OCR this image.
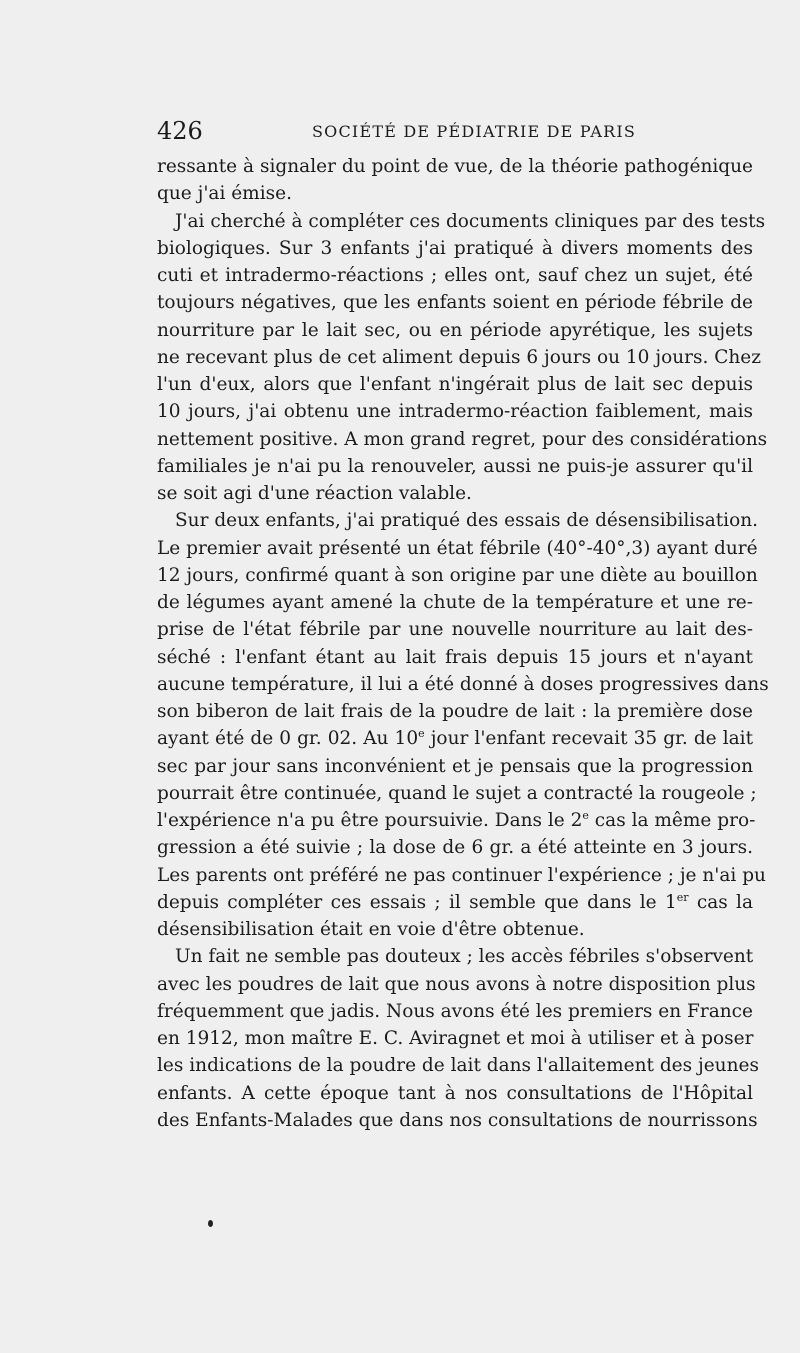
426	SOCIÉTÉ DE PÉDIATRIE DE PARIS
ressante à signaler du point de vue, de la théorie pathogénique
que j'ai émise.
J'ai cherché à compléter ces documents cliniques par des tests
biologiques. Sur 3 enfants j'ai pratiqué à divers moments des
cuti et intradermo-réactions ; elles ont, sauf chez un sujet, été
toujours négatives, que les enfants soient en période fébrile de
nourriture par le lait sec, ou en période apyrétique, les sujets
ne recevant plus de cet aliment depuis 6 jours ou 10 jours. Chez
l'un d'eux, alors que l'enfant n'ingérait plus de lait sec depuis
10 jours, j'ai obtenu une intradermo-réaction faiblement, mais
nettement positive. A mon grand regret, pour des considérations
familiales je n'ai pu la renouveler, aussi ne puis-je assurer qu'il
se soit agi d'une réaction valable.
Sur deux enfants, j'ai pratiqué des essais de désensibilisation.
Le premier avait présenté un état fébrile (40°-40°,3) ayant duré
12 jours, confirmé quant à son origine par une diète au bouillon
de légumes ayant amené la chute de la température et une re-
prise de l'état fébrile par une nouvelle nourriture au lait des-
séché : l'enfant étant au lait frais depuis 15 jours et n'ayant
aucune température, il lui a été donné à doses progressives dans
son biberon de lait frais de la poudre de lait : la première dose
ayant été de 0 gr. 02. Au 10e jour l'enfant recevait 35 gr. de lait
sec par jour sans inconvénient et je pensais que la progression
pourrait être continuée, quand le sujet a contracté la rougeole ;
l'expérience n'a pu être poursuivie. Dans le 2e cas la même pro-
gression a été suivie ; la dose de 6 gr. a été atteinte en 3 jours.
Les parents ont préféré ne pas continuer l'expérience ; je n'ai pu
depuis compléter ces essais ; il semble que dans le 1er cas la
désensibilisation était en voie d'être obtenue.
Un fait ne semble pas douteux ; les accès fébriles s'observent
avec les poudres de lait que nous avons à notre disposition plus
fréquemment que jadis. Nous avons été les premiers en France
en 1912, mon maître E. C. Aviragnet et moi à utiliser et à poser
les indications de la poudre de lait dans l'allaitement des jeunes
enfants. A cette époque tant à nos consultations de l'Hôpital
des Enfants-Malades que dans nos consultations de nourrissons
